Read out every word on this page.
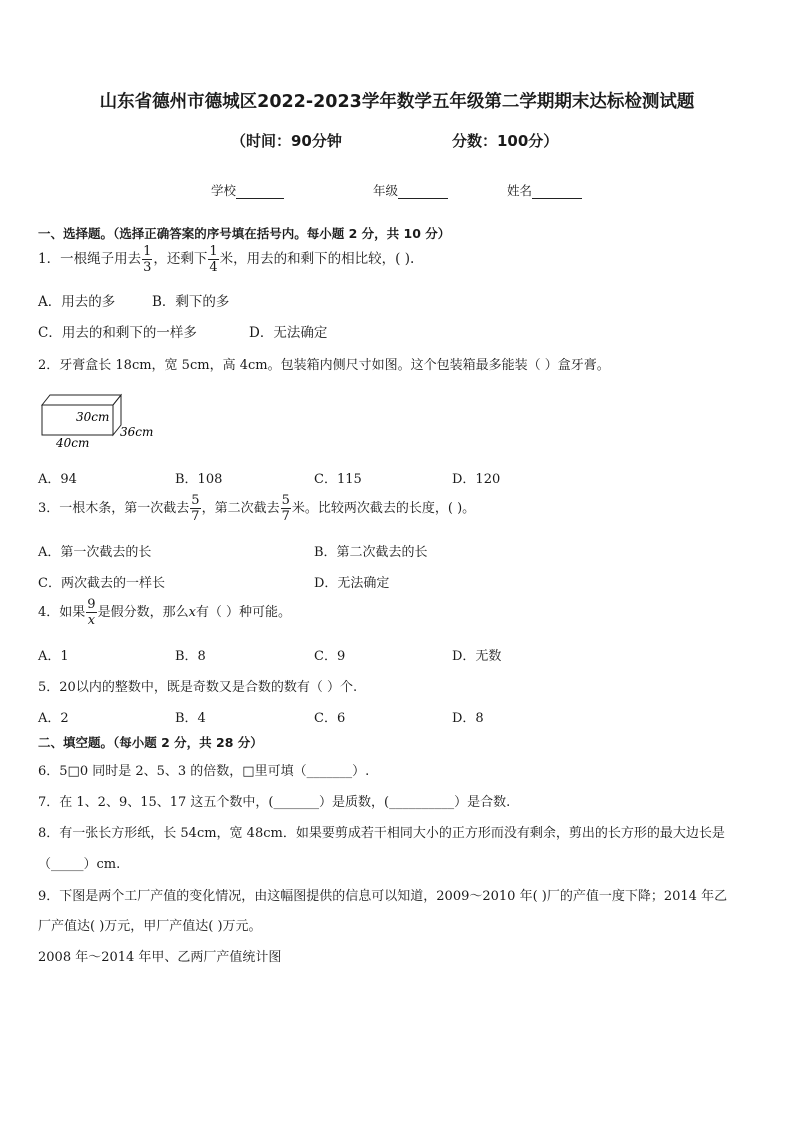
山东省德州市德城区2022-2023学年数学五年级第二学期期末达标检测试题
（时间：90分钟	分数：100分）
学校	年级	姓名
一、选择题。（选择正确答案的序号填在括号内。每小题 2 分，共 10 分）
1．一根绳子用去 $\frac{1}{3}$ ，还剩下 $\frac{1}{4}$ 米，用去的和剩下的相比较，( ).
A．用去的多	B．剩下的多
C．用去的和剩下的一样多	D．无法确定
2．牙膏盒长 18cm，宽 5cm，高 4cm。包装箱内侧尺寸如图。这个包装箱最多能装（ ）盒牙膏。
30cm
36cm
40cm
A．94	B．108	C．115	D．120
3．一根木条，第一次截去 $\frac{5}{7}$ ，第二次截去 $\frac{5}{7}$ 米。比较两次截去的长度，( )。
A．第一次截去的长	B．第二次截去的长
C．两次截去的一样长	D．无法确定
4．如果 $\frac{9}{x}$ 是假分数，那么x有（ ）种可能。
A．1	B．8	C．9	D．无数
5．20以内的整数中，既是奇数又是合数的数有（ ）个.
A．2	B．4	C．6	D．8
二、填空题。（每小题 2 分，共 28 分）
6．5□0 同时是 2、5、3 的倍数，□里可填（_______）.
7．在 1、2、9、15、17 这五个数中，(_______）是质数，(__________）是合数.
8．有一张长方形纸，长 54cm，宽 48cm．如果要剪成若干相同大小的正方形而没有剩余，剪出的长方形的最大边长是
（_____）cm.
9．下图是两个工厂产值的变化情况，由这幅图提供的信息可以知道，2009～2010 年( )厂的产值一度下降；2014 年乙
厂产值达( )万元，甲厂产值达( )万元。
2008 年～2014 年甲、乙两厂产值统计图
